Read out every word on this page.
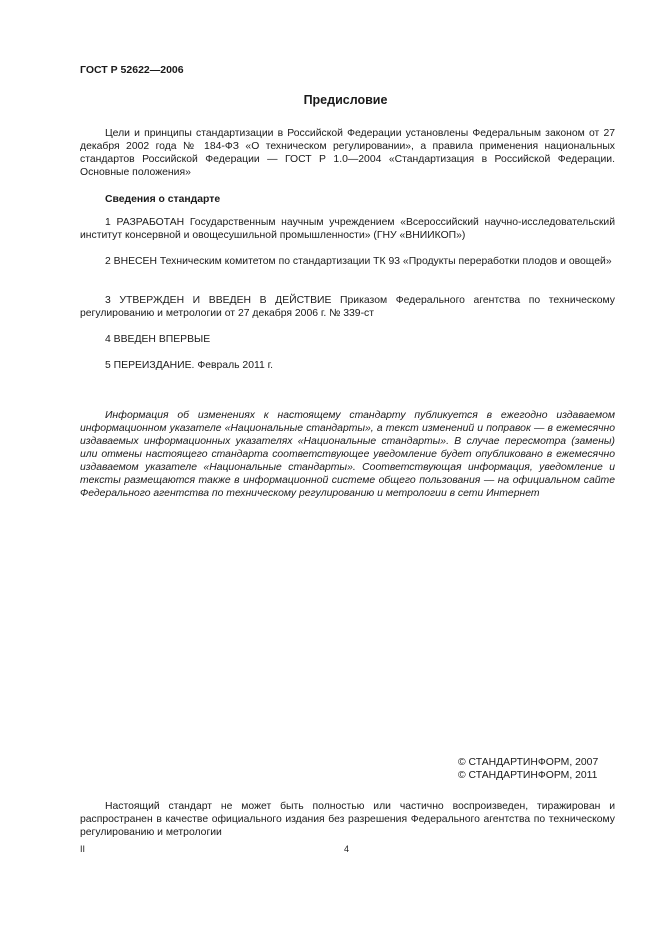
ГОСТ Р 52622—2006
Предисловие
Цели и принципы стандартизации в Российской Федерации установлены Федеральным законом от 27 декабря 2002 года № 184-ФЗ «О техническом регулировании», а правила применения национальных стандартов Российской Федерации — ГОСТ Р 1.0—2004 «Стандартизация в Российской Федерации. Основные положения»
Сведения о стандарте
1 РАЗРАБОТАН Государственным научным учреждением «Всероссийский научно-исследовательский институт консервной и овощесушильной промышленности» (ГНУ «ВНИИКОП»)
2 ВНЕСЕН Техническим комитетом по стандартизации ТК 93 «Продукты переработки плодов и овощей»
3 УТВЕРЖДЕН И ВВЕДЕН В ДЕЙСТВИЕ Приказом Федерального агентства по техническому регулированию и метрологии от 27 декабря 2006 г. № 339-ст
4 ВВЕДЕН ВПЕРВЫЕ
5 ПЕРЕИЗДАНИЕ. Февраль 2011 г.
Информация об изменениях к настоящему стандарту публикуется в ежегодно издаваемом информационном указателе «Национальные стандарты», а текст изменений и поправок — в ежемесячно издаваемых информационных указателях «Национальные стандарты». В случае пересмотра (замены) или отмены настоящего стандарта соответствующее уведомление будет опубликовано в ежемесячно издаваемом указателе «Национальные стандарты». Соответствующая информация, уведомление и тексты размещаются также в информационной системе общего пользования — на официальном сайте Федерального агентства по техническому регулированию и метрологии в сети Интернет
© СТАНДАРТИНФОРМ, 2007
© СТАНДАРТИНФОРМ, 2011
Настоящий стандарт не может быть полностью или частично воспроизведен, тиражирован и распространен в качестве официального издания без разрешения Федерального агентства по техническому регулированию и метрологии
II	4
